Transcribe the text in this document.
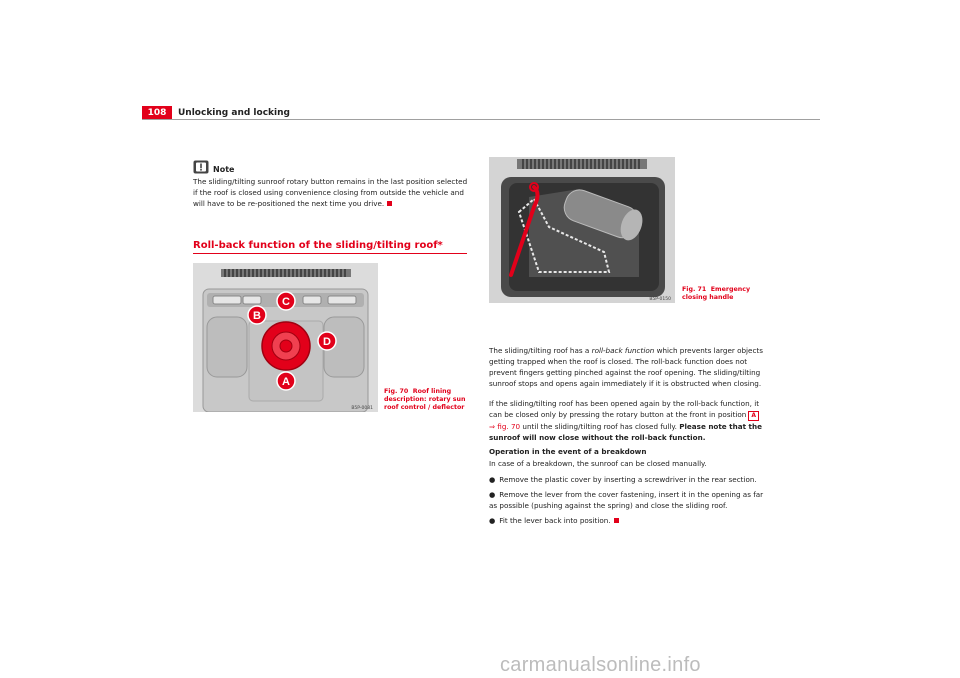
108	Unlocking and locking
Note
The sliding/tilting sunroof rotary button remains in the last position selected if the roof is closed using convenience closing from outside the vehicle and will have to be re-positioned the next time you drive.
Roll-back function of the sliding/tilting roof*
C
B
D
A
B5P-0081
Fig. 70 Roof lining description: rotary sun roof control / deflector
B5P-0150
Fig. 71 Emergency closing handle
The sliding/tilting roof has a roll-back function which prevents larger objects getting trapped when the roof is closed. The roll-back function does not prevent fingers getting pinched against the roof opening. The sliding/tilting sunroof stops and opens again immediately if it is obstructed when closing.
If the sliding/tilting roof has been opened again by the roll-back function, it can be closed only by pressing the rotary button at the front in position A
⇒ fig. 70 until the sliding/tilting roof has closed fully. Please note that the sunroof will now close without the roll-back function.
Operation in the event of a breakdown
In case of a breakdown, the sunroof can be closed manually.
● Remove the plastic cover by inserting a screwdriver in the rear section.
● Remove the lever from the cover fastening, insert it in the opening as far as possible (pushing against the spring) and close the sliding roof.
● Fit the lever back into position.
carmanualsonline.info
